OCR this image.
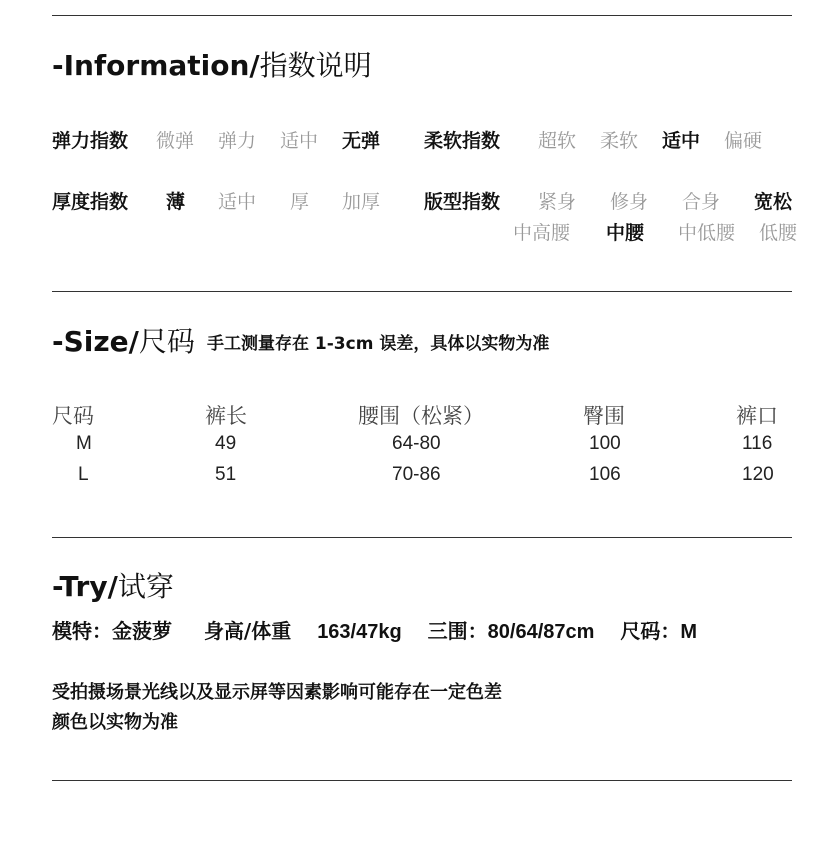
-Information/指数说明
弹力指数 微弹 弹力 适中 无弹 柔软指数 超软 柔软 适中 偏硬
厚度指数 薄 适中 厚 加厚 版型指数 紧身 修身 合身 宽松
中高腰 中腰 中低腰 低腰
-Size/尺码 手工测量存在 1-3cm 误差，具体以实物为准
尺码	裤长	腰围（松紧）	臀围	裤口
M	49	64-80	100	116
L	51	70-86	106	120
-Try/试穿
模特：金菠萝 身高/体重 163/47kg 三围：80/64/87cm 尺码：M
受拍摄场景光线以及显示屏等因素影响可能存在一定色差
颜色以实物为准
